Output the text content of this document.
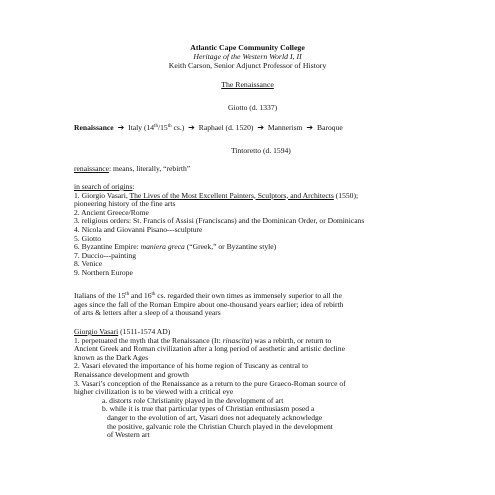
Atlantic Cape Community College
Heritage of the Western World I, II
Keith Carson, Senior Adjunct Professor of History
The Renaissance
Giotto (d. 1337)
Renaissance ➔ Italy (14th/15th cs.) ➔ Raphael (d. 1520) ➔ Mannerism ➔ Baroque
Tintoretto (d. 1594)
renaissance: means, literally, “rebirth”
in search of origins:
1. Giorgio Vasari, The Lives of the Most Excellent Painters, Sculptors, and Architects (1550);
pioneering history of the fine arts
2. Ancient Greece/Rome
3. religious orders: St. Francis of Assisi (Franciscans) and the Dominican Order, or Dominicans
4. Nicola and Giovanni Pisano---sculpture
5. Giotto
6. Byzantine Empire: maniera greca (“Greek,” or Byzantine style)
7. Duccio---painting
8. Venice
9. Northern Europe
Italians of the 15th and 16th cs. regarded their own times as immensely superior to all the
ages since the fall of the Roman Empire about one-thousand years earlier; idea of rebirth
of arts & letters after a sleep of a thousand years
Giorgio Vasari (1511-1574 AD)
1. perpetuated the myth that the Renaissance (It: rinascita) was a rebirth, or return to
Ancient Greek and Roman civilization after a long period of aesthetic and artistic decline
known as the Dark Ages
2. Vasari elevated the importance of his home region of Tuscany as central to
Renaissance development and growth
3. Vasari’s conception of the Renaissance as a return to the pure Graeco-Roman source of
higher civilization is to be viewed with a critical eye
a. distorts role Christianity played in the development of art
b. while it is true that particular types of Christian enthusiasm posed a
danger to the evolution of art, Vasari does not adequately acknowledge
the positive, galvanic role the Christian Church played in the development
of Western art
